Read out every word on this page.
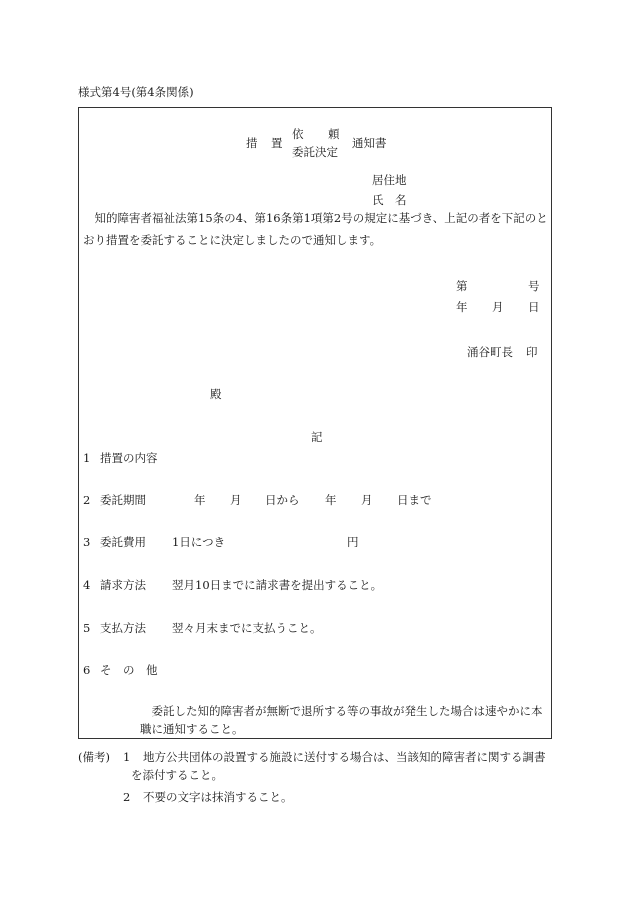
様式第4号(第4条関係)
措　置
依　　頼
委託決定
通知書
居住地
氏　名
知的障害者福祉法第15条の4、第16条第1項第2号の規定に基づき、上記の者を下記のとおり措置を委託することに決定しましたので通知します。
第	号
年 月 日
涌谷町長 印
殿
記
1 措置の内容
2 委託期間	年 月 日から 年 月 日まで
3 委託費用 1日につき	円
4 請求方法 翌月10日までに請求書を提出すること。
5 支払方法 翌々月末までに支払うこと。
6 そ　の　他
委託した知的障害者が無断で退所する等の事故が発生した場合は速やかに本職に通知すること。
(備考) 1	地方公共団体の設置する施設に送付する場合は、当該知的障害者に関する調書を添付すること。
2 不要の文字は抹消すること。
